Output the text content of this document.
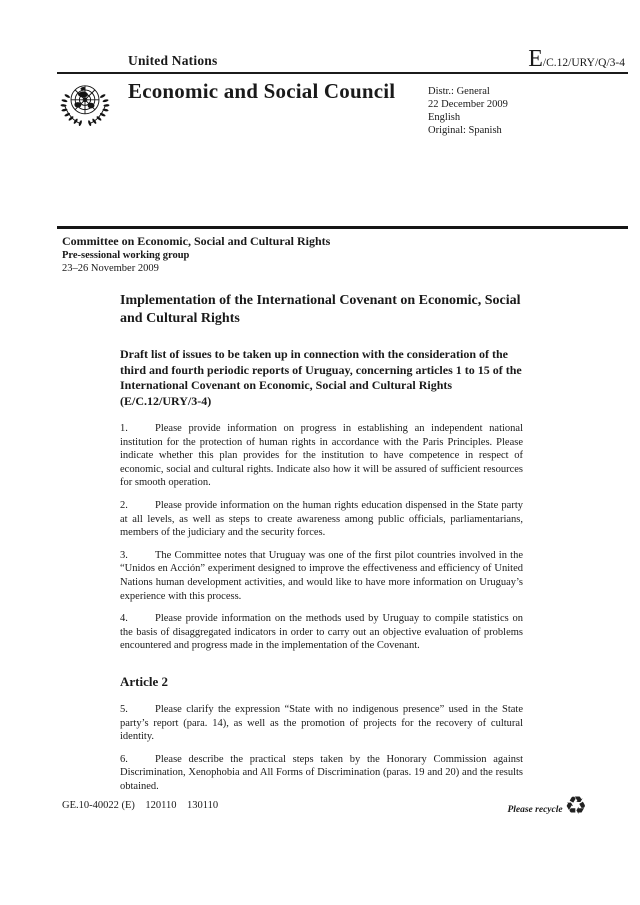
United Nations	E/C.12/URY/Q/3-4
Economic and Social Council	Distr.: General
22 December 2009
English
Original: Spanish
Committee on Economic, Social and Cultural Rights
Pre-sessional working group
23–26 November 2009
Implementation of the International Covenant on Economic, Social and Cultural Rights
Draft list of issues to be taken up in connection with the consideration of the third and fourth periodic reports of Uruguay, concerning articles 1 to 15 of the International Covenant on Economic, Social and Cultural Rights (E/C.12/URY/3-4)

1.	Please provide information on progress in establishing an independent national institution for the protection of human rights in accordance with the Paris Principles. Please indicate whether this plan provides for the institution to have competence in respect of economic, social and cultural rights. Indicate also how it will be assured of sufficient resources for smooth operation.

2.	Please provide information on the human rights education dispensed in the State party at all levels, as well as steps to create awareness among public officials, parliamentarians, members of the judiciary and the security forces.

3.	The Committee notes that Uruguay was one of the first pilot countries involved in the “Unidos en Acción” experiment designed to improve the effectiveness and efficiency of United Nations human development activities, and would like to have more information on Uruguay’s experience with this process.

4.	Please provide information on the methods used by Uruguay to compile statistics on the basis of disaggregated indicators in order to carry out an objective evaluation of problems encountered and progress made in the implementation of the Covenant.

Article 2

5.	Please clarify the expression “State with no indigenous presence” used in the State party’s report (para. 14), as well as the promotion of projects for the recovery of cultural identity.

6.	Please describe the practical steps taken by the Honorary Commission against Discrimination, Xenophobia and All Forms of Discrimination (paras. 19 and 20) and the results obtained.

GE.10-40022 (E)    120110    130110	Please recycle ♻
